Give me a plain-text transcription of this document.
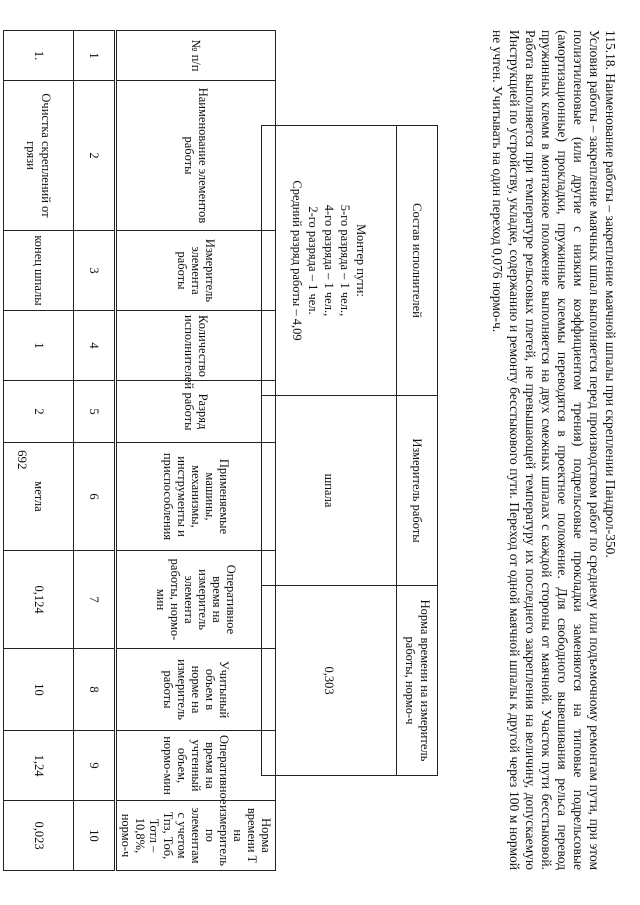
692	115.18. Наименование работы – закрепление маячной шпалы при скреплении Пандрол-350.
Условия работы – закрепление маячных шпал выполняется перед производством работ по среднему или подъемочному ремонтам пути, при этом полиэтиленовые (или другие с низким коэффициентом трения) подрельсовые прокладки заменяются на типовые подрельсовые (амортизационные) прокладки, пружинные клеммы переводятся в проектное положение. Для свободного вывешивания рельса перевод пружинных клемм в монтажное положение выполняется на двух смежных шпалах с каждой стороны от маячной. Участок пути бесстыковой. Работа выполняется при температуре рельсовых плетей, не превышающей температуру их последнего закрепления на величину, допускаемую Инструкцией по устройству, укладке, содержанию и ремонту бесстыкового пути. Переход от одной маячной шпалы к другой через 100 м нормой не учтен. Учитывать на один переход 0,076 нормо-ч.
Состав исполнителей	Измеритель работы	Норма времени на измеритель работы, нормо-ч

Монтер пути:
5-го разряда – 1 чел.,
4-го разряда – 1 чел.,
2-го разряда – 1 чел.
Средний разряд работы – 4,09	шпала	0,303
№ п/п	Наименование элементов работы	Измеритель элемента работы	Количество исполнителей	Разряд работы	Применяемые машины, механизмы, инструменты и приспособления	Оперативное время на измеритель элемента работы, нормо-мин	Учитыный объем в норме на измеритель работы	Оперативное время на учтенный объем, нормо-мин	Норма времени Т на измеритель по элементам с учетом Тпз, Тоб, Тотл – 10,8%, нормо-ч
1	2	3	4	5	6	7	8	9	10
1.	Очистка скреплений от грязи	конец шпалы	1	2	метла	0,124	10	1,24	0,023
